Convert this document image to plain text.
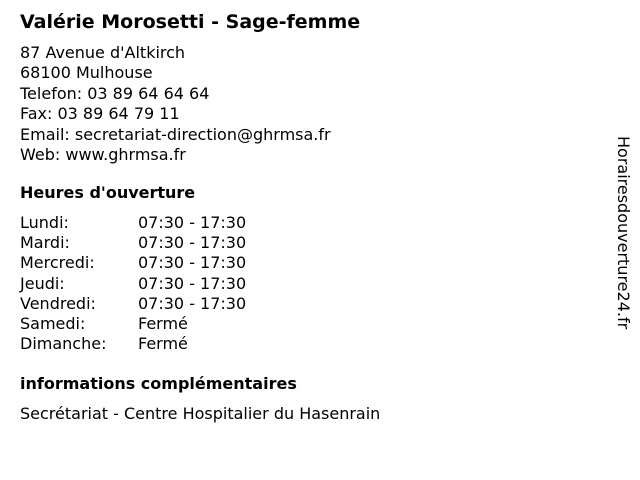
Valérie Morosetti - Sage-femme
87 Avenue d'Altkirch
68100 Mulhouse
Telefon: 03 89 64 64 64
Fax: 03 89 64 79 11
Email: secretariat-direction@ghrmsa.fr
Web: www.ghrmsa.fr
Heures d'ouverture
Lundi:	07:30 - 17:30
Mardi:	07:30 - 17:30
Mercredi:	07:30 - 17:30
Jeudi:	07:30 - 17:30
Vendredi:	07:30 - 17:30
Samedi:	Fermé
Dimanche: Fermé
informations complémentaires
Secrétariat - Centre Hospitalier du Hasenrain
Horairesdouverture24.fr
